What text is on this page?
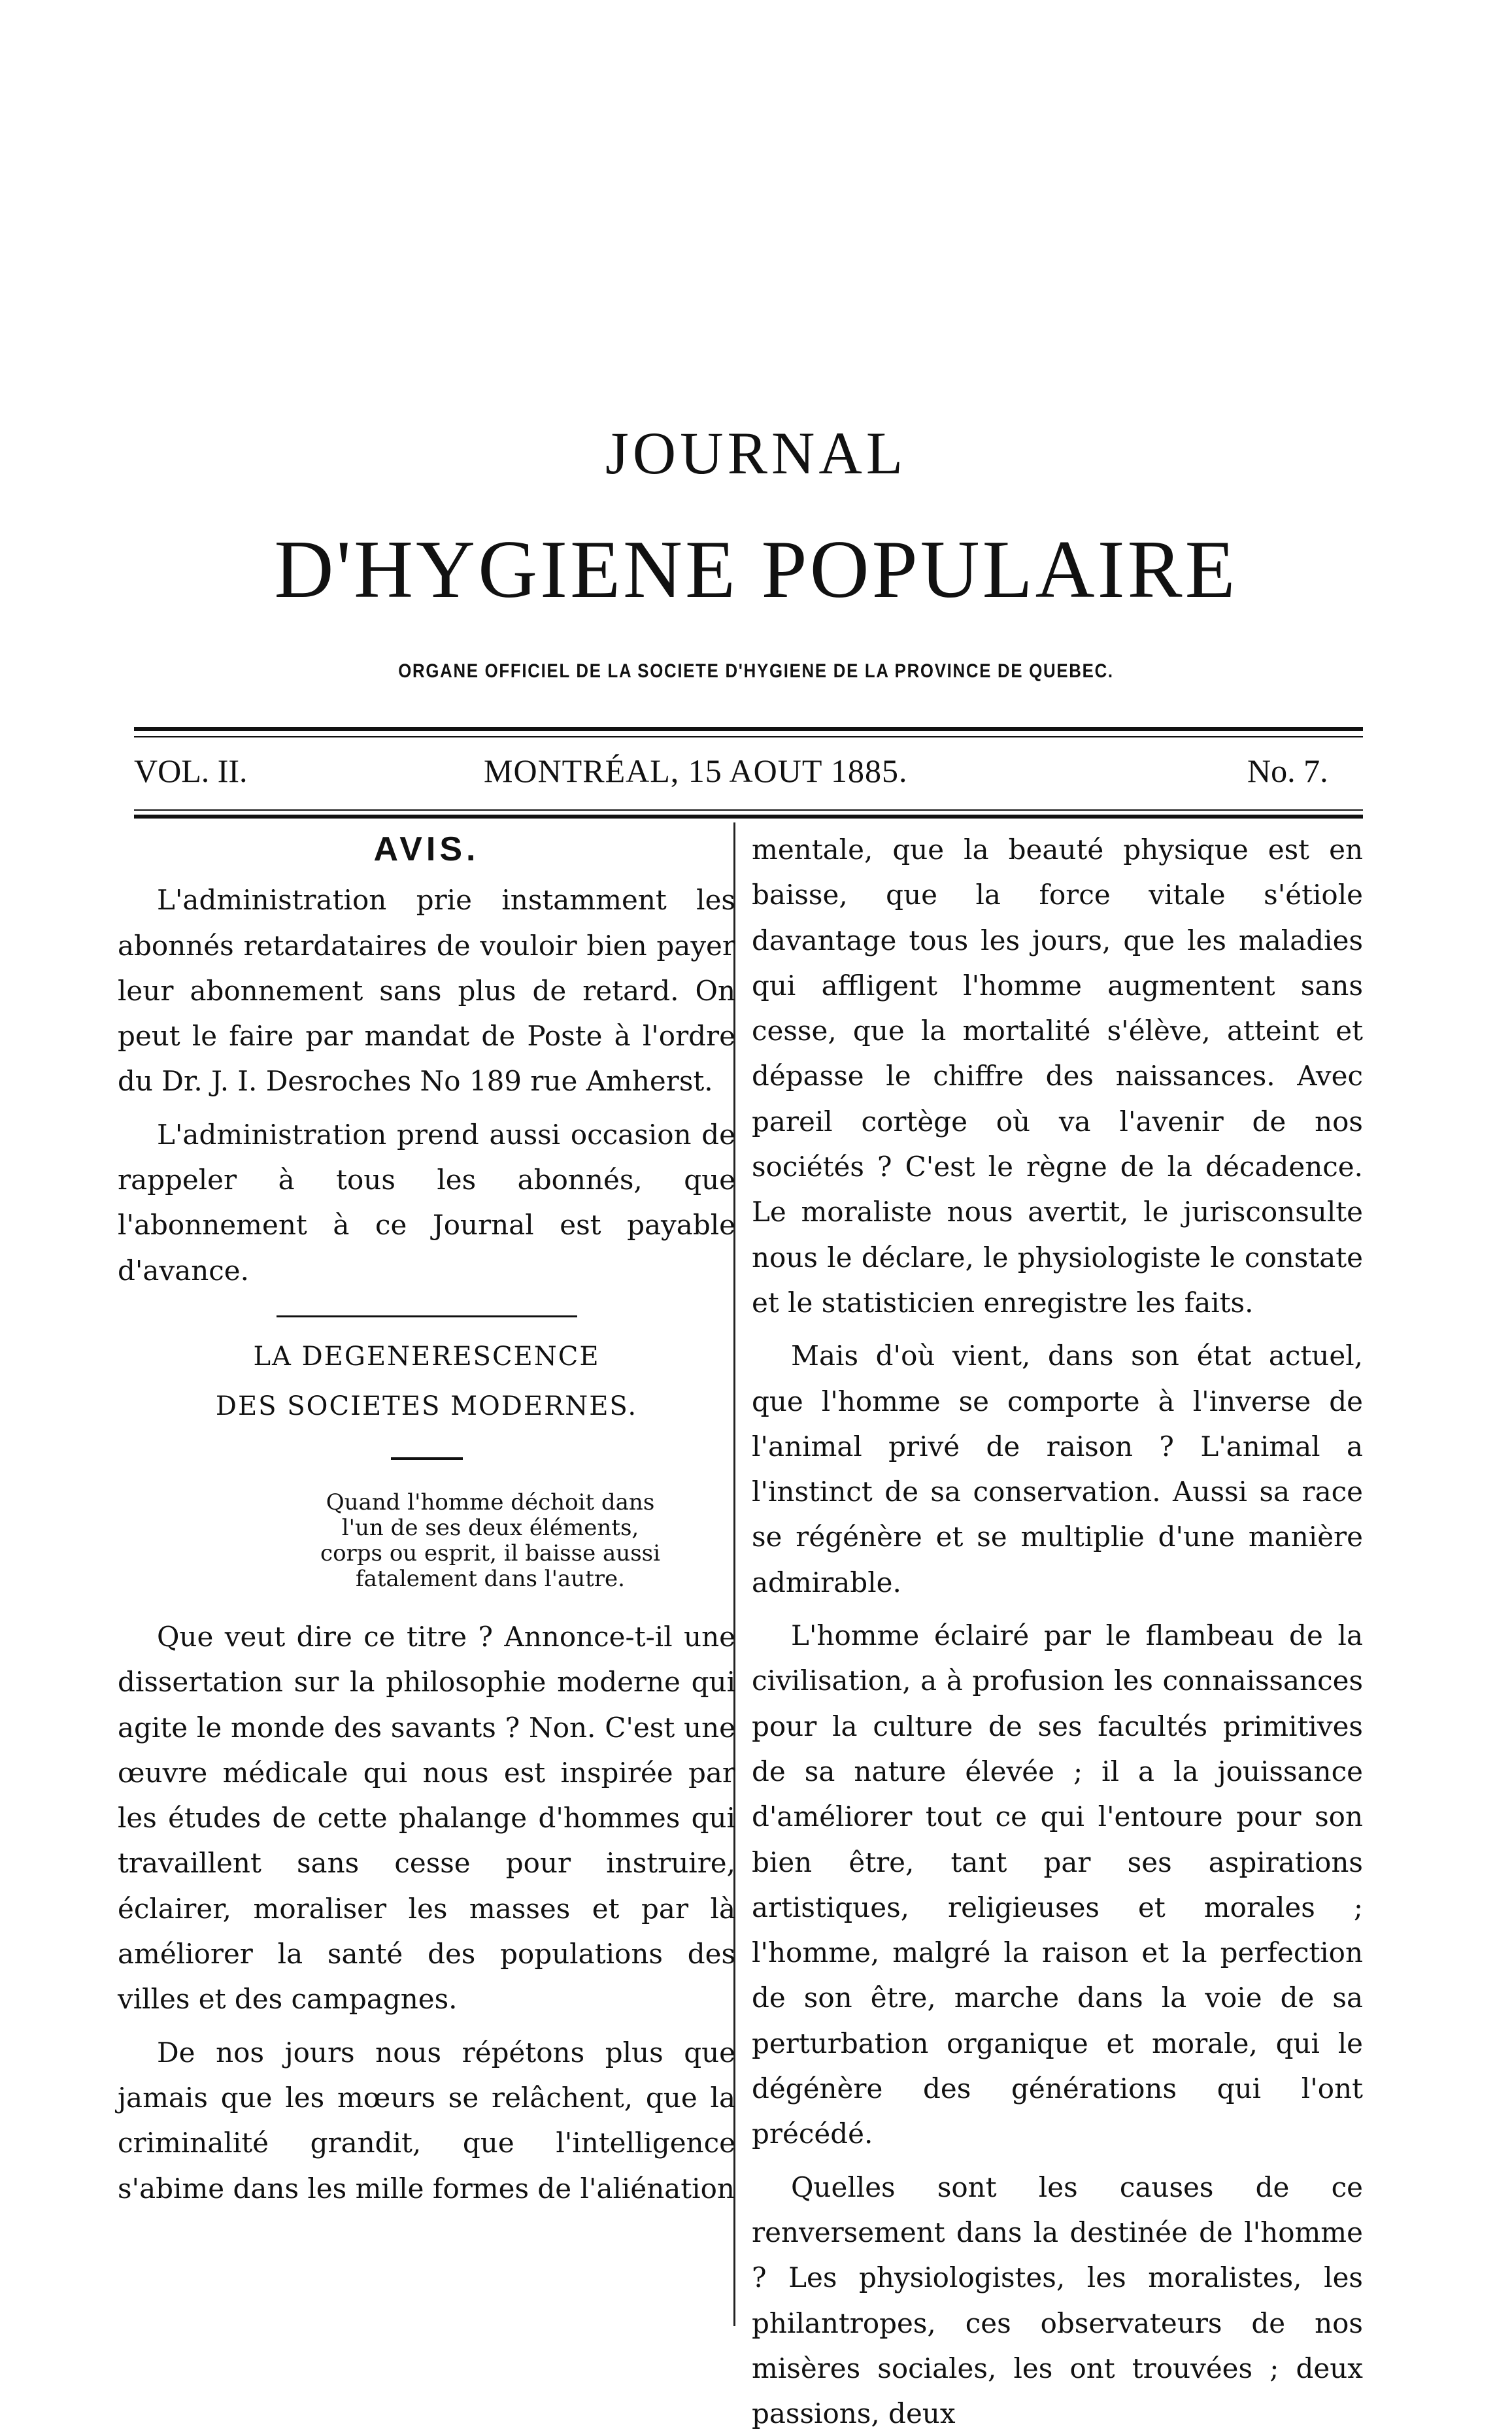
JOURNAL
D'HYGIENE POPULAIRE
ORGANE OFFICIEL DE LA SOCIETE D'HYGIENE DE LA PROVINCE DE QUEBEC.
VOL. II.	MONTRÉAL, 15 AOUT 1885.	No. 7.
AVIS.

L'administration prie instamment les abonnés retardataires de vouloir bien payer leur abonnement sans plus de retard. On peut le faire par mandat de Poste à l'ordre du Dr. J. I. Desroches No 189 rue Amherst.

L'administration prend aussi occasion de rappeler à tous les abonnés, que l'abonnement à ce Journal est payable d'avance.

LA DEGENERESCENCE
DES SOCIETES MODERNES.
Quand l'homme déchoit dans l'un de ses deux éléments, corps ou esprit, il baisse aussi fatalement dans l'autre.

Que veut dire ce titre ? Annonce-t-il une dissertation sur la philosophie moderne qui agite le monde des savants ? Non. C'est une œuvre médicale qui nous est inspirée par les études de cette phalange d'hommes qui travaillent sans cesse pour instruire, éclairer, moraliser les masses et par là améliorer la santé des populations des villes et des campagnes.

De nos jours nous répétons plus que jamais que les mœurs se relâchent, que la criminalité grandit, que l'intelligence s'abime dans les mille formes de l'aliénation

mentale, que la beauté physique est en baisse, que la force vitale s'étiole davantage tous les jours, que les maladies qui affligent l'homme augmentent sans cesse, que la mortalité s'élève, atteint et dépasse le chiffre des naissances. Avec pareil cortège où va l'avenir de nos sociétés ? C'est le règne de la décadence. Le moraliste nous avertit, le jurisconsulte nous le déclare, le physiologiste le constate et le statisticien enregistre les faits.

Mais d'où vient, dans son état actuel, que l'homme se comporte à l'inverse de l'animal privé de raison ? L'animal a l'instinct de sa conservation. Aussi sa race se régénère et se multiplie d'une manière admirable.

L'homme éclairé par le flambeau de la civilisation, a à profusion les connaissances pour la culture de ses facultés primitives de sa nature élevée ; il a la jouissance d'améliorer tout ce qui l'entoure pour son bien être, tant par ses aspirations artistiques, religieuses et morales ; l'homme, malgré la raison et la perfection de son être, marche dans la voie de sa perturbation organique et morale, qui le dégénère des générations qui l'ont précédé.

Quelles sont les causes de ce renversement dans la destinée de l'homme ? Les physiologistes, les moralistes, les philantropes, ces observateurs de nos misères sociales, les ont trouvées ; deux passions, deux
